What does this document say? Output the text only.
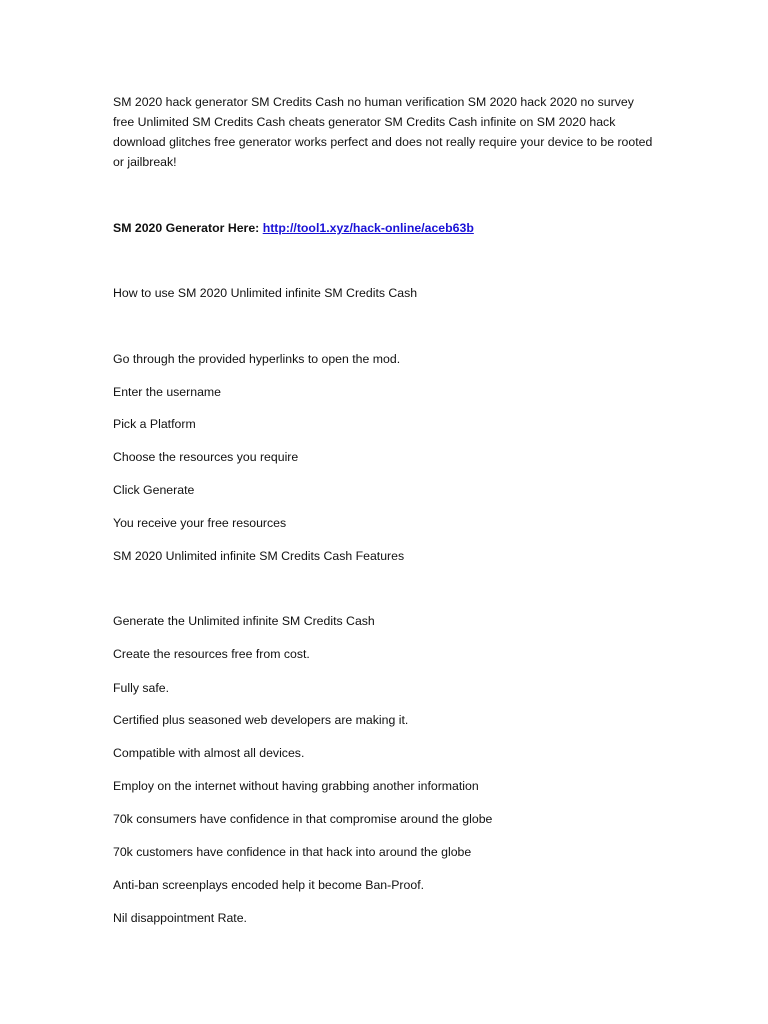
SM 2020 hack generator SM Credits Cash no human verification SM 2020 hack 2020 no survey free Unlimited SM Credits Cash cheats generator SM Credits Cash infinite on SM 2020 hack download glitches free generator works perfect and does not really require your device to be rooted or jailbreak!

SM 2020 Generator Here: http://tool1.xyz/hack-online/aceb63b

How to use SM 2020 Unlimited infinite SM Credits Cash

Go through the provided hyperlinks to open the mod.

Enter the username

Pick a Platform

Choose the resources you require

Click Generate

You receive your free resources

SM 2020 Unlimited infinite SM Credits Cash Features

Generate the Unlimited infinite SM Credits Cash

Create the resources free from cost.

Fully safe.

Certified plus seasoned web developers are making it.

Compatible with almost all devices.

Employ on the internet without having grabbing another information

70k consumers have confidence in that compromise around the globe

70k customers have confidence in that hack into around the globe

Anti-ban screenplays encoded help it become Ban-Proof.

Nil disappointment Rate.
